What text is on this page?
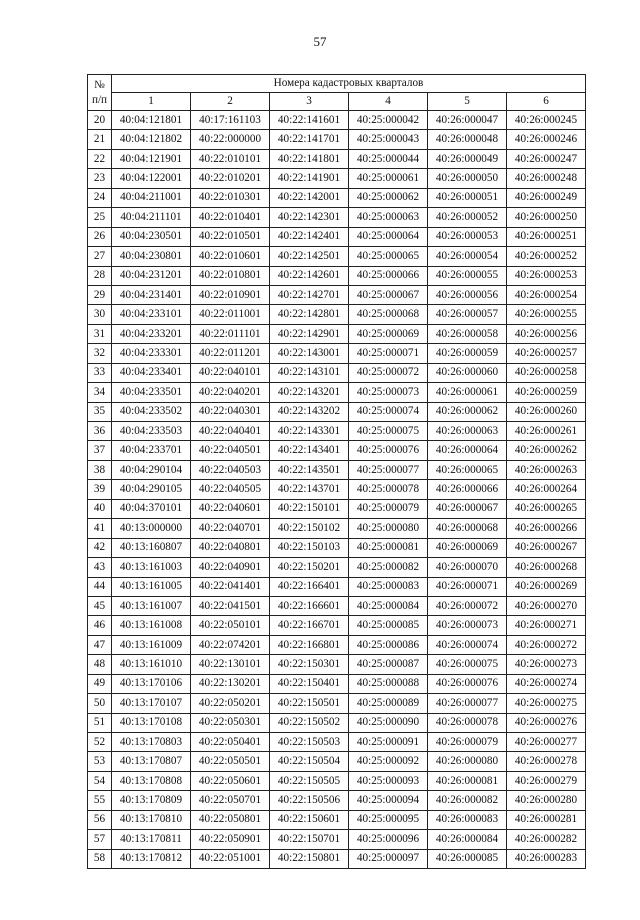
57
№
п/п	Номера кадастровых кварталов					
	1	2	3	4	5	6
20	40:04:121801	40:17:161103	40:22:141601	40:25:000042	40:26:000047	40:26:000245
21	40:04:121802	40:22:000000	40:22:141701	40:25:000043	40:26:000048	40:26:000246
22	40:04:121901	40:22:010101	40:22:141801	40:25:000044	40:26:000049	40:26:000247
23	40:04:122001	40:22:010201	40:22:141901	40:25:000061	40:26:000050	40:26:000248
24	40:04:211001	40:22:010301	40:22:142001	40:25:000062	40:26:000051	40:26:000249
25	40:04:211101	40:22:010401	40:22:142301	40:25:000063	40:26:000052	40:26:000250
26	40:04:230501	40:22:010501	40:22:142401	40:25:000064	40:26:000053	40:26:000251
27	40:04:230801	40:22:010601	40:22:142501	40:25:000065	40:26:000054	40:26:000252
28	40:04:231201	40:22:010801	40:22:142601	40:25:000066	40:26:000055	40:26:000253
29	40:04:231401	40:22:010901	40:22:142701	40:25:000067	40:26:000056	40:26:000254
30	40:04:233101	40:22:011001	40:22:142801	40:25:000068	40:26:000057	40:26:000255
31	40:04:233201	40:22:011101	40:22:142901	40:25:000069	40:26:000058	40:26:000256
32	40:04:233301	40:22:011201	40:22:143001	40:25:000071	40:26:000059	40:26:000257
33	40:04:233401	40:22:040101	40:22:143101	40:25:000072	40:26:000060	40:26:000258
34	40:04:233501	40:22:040201	40:22:143201	40:25:000073	40:26:000061	40:26:000259
35	40:04:233502	40:22:040301	40:22:143202	40:25:000074	40:26:000062	40:26:000260
36	40:04:233503	40:22:040401	40:22:143301	40:25:000075	40:26:000063	40:26:000261
37	40:04:233701	40:22:040501	40:22:143401	40:25:000076	40:26:000064	40:26:000262
38	40:04:290104	40:22:040503	40:22:143501	40:25:000077	40:26:000065	40:26:000263
39	40:04:290105	40:22:040505	40:22:143701	40:25:000078	40:26:000066	40:26:000264
40	40:04:370101	40:22:040601	40:22:150101	40:25:000079	40:26:000067	40:26:000265
41	40:13:000000	40:22:040701	40:22:150102	40:25:000080	40:26:000068	40:26:000266
42	40:13:160807	40:22:040801	40:22:150103	40:25:000081	40:26:000069	40:26:000267
43	40:13:161003	40:22:040901	40:22:150201	40:25:000082	40:26:000070	40:26:000268
44	40:13:161005	40:22:041401	40:22:166401	40:25:000083	40:26:000071	40:26:000269
45	40:13:161007	40:22:041501	40:22:166601	40:25:000084	40:26:000072	40:26:000270
46	40:13:161008	40:22:050101	40:22:166701	40:25:000085	40:26:000073	40:26:000271
47	40:13:161009	40:22:074201	40:22:166801	40:25:000086	40:26:000074	40:26:000272
48	40:13:161010	40:22:130101	40:22:150301	40:25:000087	40:26:000075	40:26:000273
49	40:13:170106	40:22:130201	40:22:150401	40:25:000088	40:26:000076	40:26:000274
50	40:13:170107	40:22:050201	40:22:150501	40:25:000089	40:26:000077	40:26:000275
51	40:13:170108	40:22:050301	40:22:150502	40:25:000090	40:26:000078	40:26:000276
52	40:13:170803	40:22:050401	40:22:150503	40:25:000091	40:26:000079	40:26:000277
53	40:13:170807	40:22:050501	40:22:150504	40:25:000092	40:26:000080	40:26:000278
54	40:13:170808	40:22:050601	40:22:150505	40:25:000093	40:26:000081	40:26:000279
55	40:13:170809	40:22:050701	40:22:150506	40:25:000094	40:26:000082	40:26:000280
56	40:13:170810	40:22:050801	40:22:150601	40:25:000095	40:26:000083	40:26:000281
57	40:13:170811	40:22:050901	40:22:150701	40:25:000096	40:26:000084	40:26:000282
58	40:13:170812	40:22:051001	40:22:150801	40:25:000097	40:26:000085	40:26:000283
